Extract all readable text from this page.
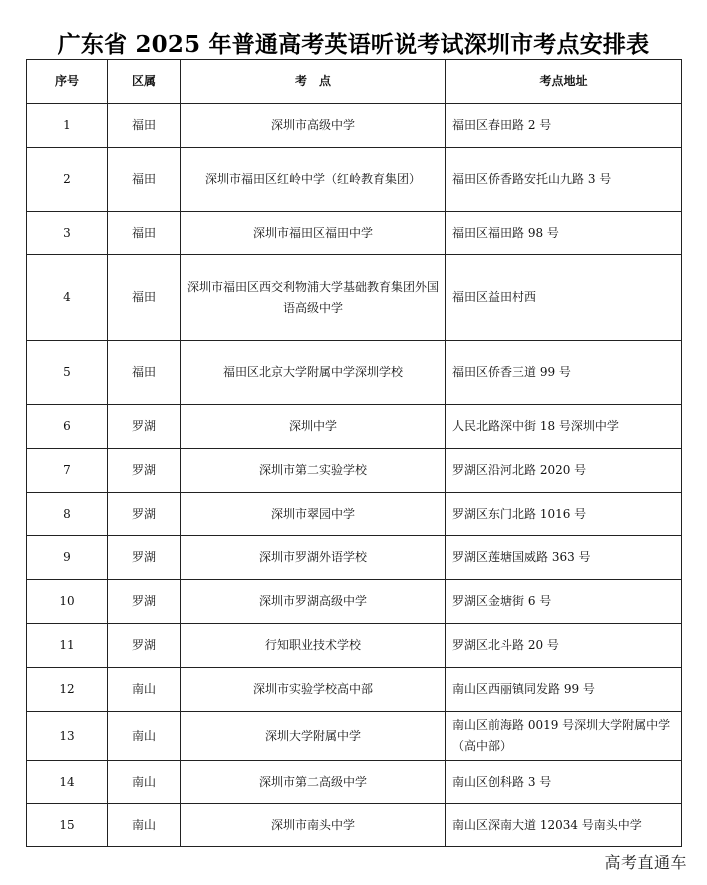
广东省 2025 年普通高考英语听说考试深圳市考点安排表
序号	区属	考　点	考点地址
1	福田	深圳市高级中学	福田区春田路 2 号
2	福田	深圳市福田区红岭中学（红岭教育集团）	福田区侨香路安托山九路 3 号
3	福田	深圳市福田区福田中学	福田区福田路 98 号
4	福田	深圳市福田区西交利物浦大学基础教育集团外国语高级中学	福田区益田村西
5	福田	福田区北京大学附属中学深圳学校	福田区侨香三道 99 号
6	罗湖	深圳中学	人民北路深中街 18 号深圳中学
7	罗湖	深圳市第二实验学校	罗湖区沿河北路 2020 号
8	罗湖	深圳市翠园中学	罗湖区东门北路 1016 号
9	罗湖	深圳市罗湖外语学校	罗湖区莲塘国威路 363 号
10	罗湖	深圳市罗湖高级中学	罗湖区金塘街 6 号
11	罗湖	行知职业技术学校	罗湖区北斗路 20 号
12	南山	深圳市实验学校高中部	南山区西丽镇同发路 99 号
13	南山	深圳大学附属中学	南山区前海路 0019 号深圳大学附属中学（高中部）
14	南山	深圳市第二高级中学	南山区创科路 3 号
15	南山	深圳市南头中学	南山区深南大道 12034 号南头中学
高考直通车
